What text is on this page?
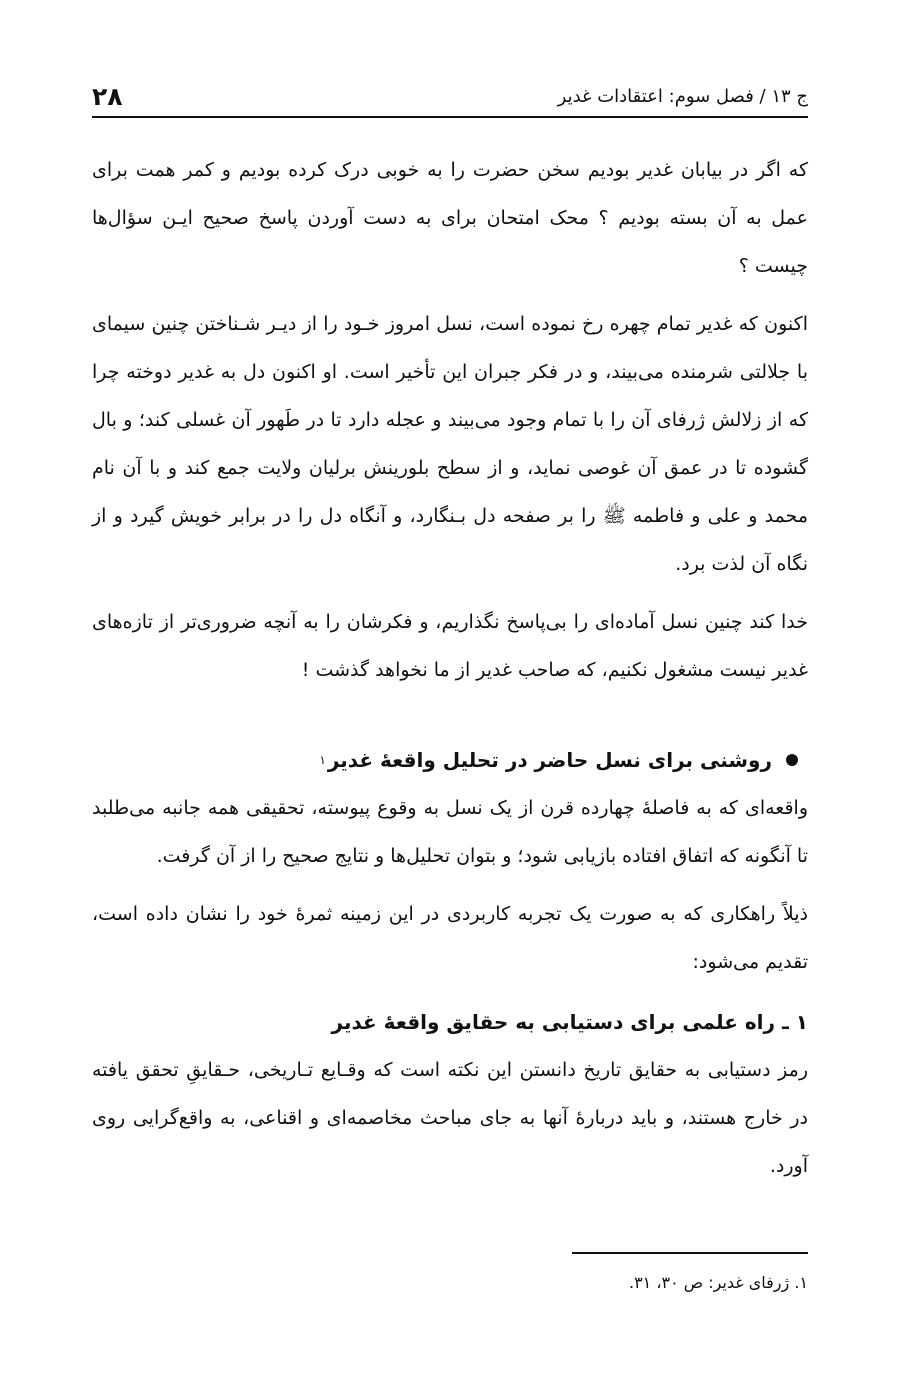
ج ۱۳ / فصل سوم: اعتقادات غدیر
۲۸

که اگر در بیابان غدیر بودیم سخن حضرت را به خوبی درک کرده بودیم و کمر همت برای عمل به آن بسته بودیم ؟ محک امتحان برای به دست آوردن پاسخ صحیح ایـن سؤال‌ها چیست ؟

اکنون که غدیر تمام چهره رخ نموده است، نسل امروز خـود را از دیـر شـناختن چنین سیمای با جلالتی شرمنده می‌بیند، و در فکر جبران این تأخیر است. او اکنون دل به غدیر دوخته چرا که از زلالش ژرفای آن را با تمام وجود می‌بیند و عجله دارد تا در طَهور آن غسلی کند؛ و بال گشوده تا در عمق آن غوصی نماید، و از سطح بلورینش برلیان ولایت جمع کند و با آن نام محمد و علی و فاطمه ﷺ را بر صفحه دل بـنگارد، و آنگاه دل را در برابر خویش گیرد و از نگاه آن لذت برد.

خدا کند چنین نسل آماده‌ای را بی‌پاسخ نگذاریم، و فکرشان را به آنچه ضروری‌تر از تازه‌های غدیر نیست مشغول نکنیم، که صاحب غدیر از ما نخواهد گذشت !

روشنی برای نسل حاضر در تحلیل واقعهٔ غدیر
۱

واقعه‌ای که به فاصلهٔ چهارده قرن از یک نسل به وقوع پیوسته، تحقیقی همه جانبه می‌طلبد تا آنگونه که اتفاق افتاده بازیابی شود؛ و بتوان تحلیل‌ها و نتایج صحیح را از آن گرفت.

ذیلاً راهکاری که به صورت یک تجربه کاربردی در این زمینه ثمرهٔ خود را نشان داده است، تقدیم می‌شود:

۱ ـ راه علمی برای دستیابی به حقایق واقعهٔ غدیر

رمز دستیابی به حقایق تاریخ دانستن این نکته است که وقـایع تـاریخی، حـقایقِ تحقق یافته در خارج هستند، و باید دربارهٔ آنها به جای مباحث مخاصمه‌ای و اقناعی، به واقع‌گرایی روی آورد.

۱. ژرفای غدیر: ص ۳۰، ۳۱.
